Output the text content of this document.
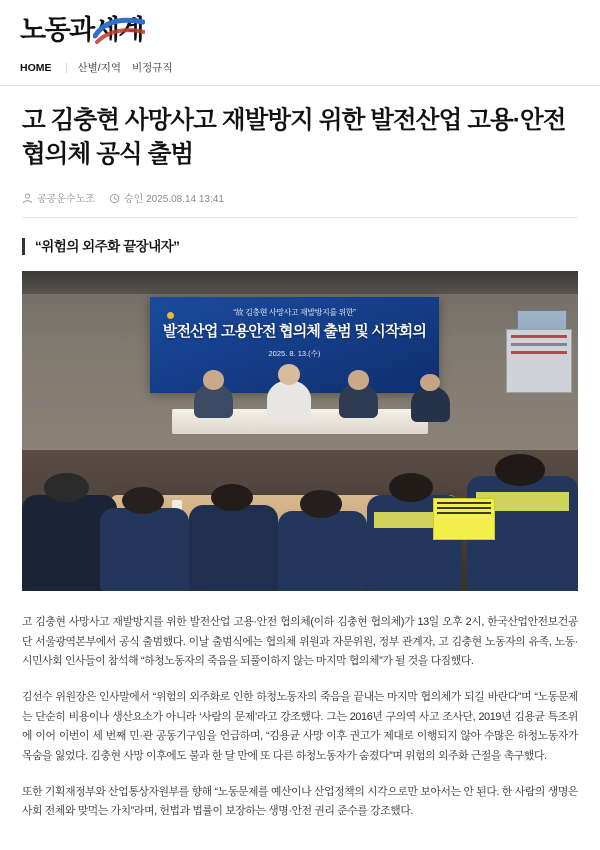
노동과세계
HOME	산별/지역	비정규직
고 김충현 사망사고 재발방지 위한 발전산업 고용·안전 협의체 공식 출범
공공운수노조	승인 2025.08.14 13:41
“위험의 외주화 끝장내자”
“故 김충현 사망사고 재발방지를 위한”
발전산업 고용안전 협의체 출범 및 시작회의
2025. 8. 13.(수)

고 김충현 사망사고 재발방지를 위한 발전산업 고용·안전 협의체(이하 김충현 협의체)가 13일 오후 2시, 한국산업안전보건공단 서울광역본부에서 공식 출범했다. 이날 출범식에는 협의체 위원과 자문위원, 정부 관계자, 고 김충현 노동자의 유족, 노동·시민사회 인사들이 참석해 “하청노동자의 죽음을 되풀이하지 않는 마지막 협의체”가 될 것을 다짐했다.

김선수 위원장은 인사말에서 “위험의 외주화로 인한 하청노동자의 죽음을 끝내는 마지막 협의체가 되길 바란다”며 “노동문제는 단순히 비용이나 생산요소가 아니라 ‘사람의 문제’라고 강조했다. 그는 2016년 구의역 사고 조사단, 2019년 김용균 특조위에 이어 이번이 세 번째 민·관 공동기구임을 언급하며, “김용균 사망 이후 권고가 제대로 이행되지 않아 수많은 하청노동자가 목숨을 잃었다. 김충현 사망 이후에도 불과 한 달 만에 또 다른 하청노동자가 숨졌다”며 위험의 외주화 근절을 촉구했다.

또한 기획재정부와 산업통상자원부를 향해 “노동문제를 예산이나 산업정책의 시각으로만 보아서는 안 된다. 한 사람의 생명은 사회 전체와 맞먹는 가치”라며, 헌법과 법률이 보장하는 생명·안전 권리 준수를 강조했다.
